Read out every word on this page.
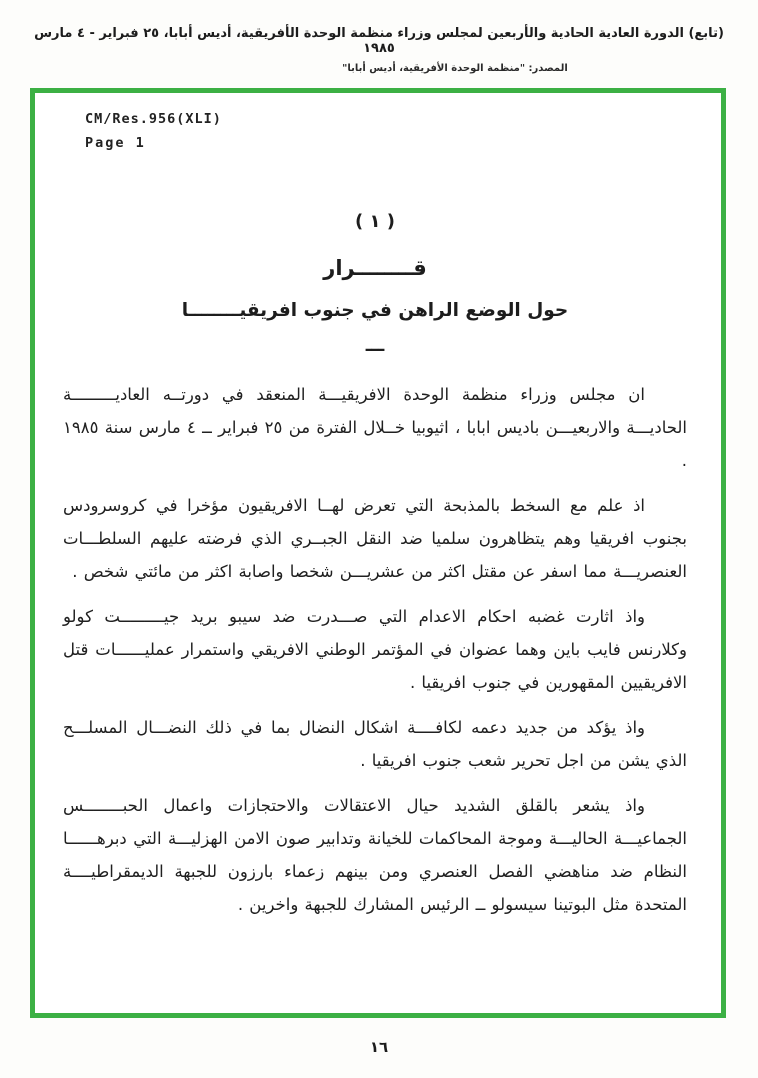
(تابع) الدورة العادية الحادية والأربعين لمجلس وزراء منظمة الوحدة الأفريقية، أديس أبابا، ٢٥ فبراير - ٤ مارس ١٩٨٥
المصدر: "منظمة الوحدة الأفريقية، أديس أبابا"
CM/Res.956(XLI)
Page 1
( ١ )
قــــــــرار
حول الوضع الراهن في جنوب افريقيــــــــا
ـــ

ان مجلس وزراء منظمة الوحدة الافريقيـــة المنعقد في دورتــه العاديـــــــــة الحاديـــة والاربعيـــن باديس ابابا ، اثيوبيا خــلال الفترة من ٢٥ فبراير ــ ٤ مارس سنة ١٩٨٥ .

اذ علم مع السخط بالمذبحة التي تعرض لهــا الافريقيون مؤخرا في كروسرودس بجنوب افريقيا وهم يتظاهرون سلميا ضد النقل الجبــري الذي فرضته عليهم السلطـــات العنصريـــة مما اسفر عن مقتل اكثر من عشريـــن شخصا واصابة اكثر من مائتي شخص .

واذ اثارت غضبه احكام الاعدام التي صـــدرت ضد سيبو بريد جيـــــــــت كولو وكلارنس فايب باين وهما عضوان في المؤتمر الوطني الافريقي واستمرار عمليــــــات قتل الافريقيين المقهورين في جنوب افريقيا .

واذ يؤكد من جديد دعمه لكافــــة اشكال النضال بما في ذلك النضـــال المسلـــح الذي يشن من اجل تحرير شعب جنوب افريقيا .

واذ يشعر بالقلق الشديد حيال الاعتقالات والاحتجازات واعمال الحبــــــــس الجماعيـــة الحاليـــة وموجة المحاكمات للخيانة وتدابير صون الامن الهزليـــة التي دبرهــــــا النظام ضد مناهضي الفصل العنصري ومن بينهم زعماء بارزون للجبهة الديمقراطيــــة المتحدة مثل البوتينا سيسولو ــ الرئيس المشارك للجبهة واخرين .

١٦
